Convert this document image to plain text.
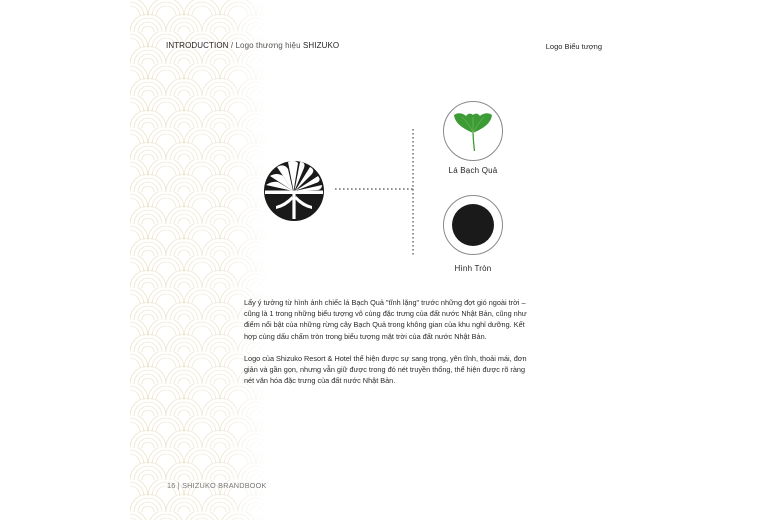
INTRODUCTION / Logo thương hiệu SHIZUKO	Logo Biểu tượng
Lá Bạch Quả
Hình Tròn

Lấy ý tưởng từ hình ảnh chiếc lá Bạch Quả "tĩnh lặng" trước những đợt gió ngoài trời – cũng là 1 trong những biểu tượng vô cùng đặc trưng của đất nước Nhật Bản, cũng như điểm nổi bật của những rừng cây Bạch Quả trong không gian của khu nghỉ dưỡng. Kết hợp cùng dấu chấm tròn trong biểu tượng mặt trời của đất nước Nhật Bản.

Logo của Shizuko Resort & Hotel thể hiện được sự sang trọng, yên tĩnh, thoải mái, đơn giản và gần gọn, nhưng vẫn giữ được trong đó nét truyền thống, thể hiện được rõ ràng nét văn hóa đặc trưng của đất nước Nhật Bản.

16 | SHIZUKO BRANDBOOK
